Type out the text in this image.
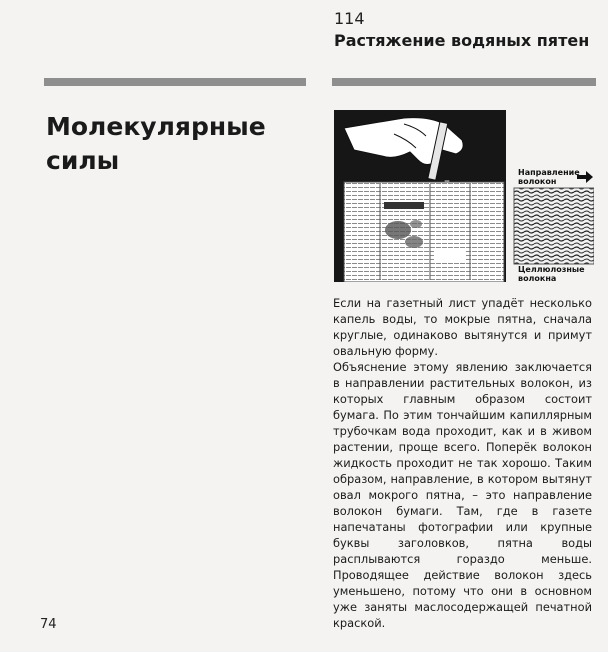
114
Растяжение водяных пятен
Молекулярные силы	Направление волокон
Целлюлозные волокна

Если на газетный лист упадёт несколько капель воды, то мокрые пятна, сначала круглые, одинаково вытянутся и примут овальную форму.

Объяснение этому явлению заключается в направлении растительных волокон, из которых главным образом состоит бумага. По этим тончайшим капиллярным трубочкам вода проходит, как и в живом растении, проще всего. Поперёк волокон жидкость проходит не так хорошо. Таким образом, направление, в котором вытянут овал мокрого пятна, – это направление волокон бумаги. Там, где в газете напечатаны фотографии или крупные буквы заголовков, пятна воды расплываются гораздо меньше. Проводящее действие волокон здесь уменьшено, потому что они в основном уже заняты маслосодержащей печатной краской.

74
